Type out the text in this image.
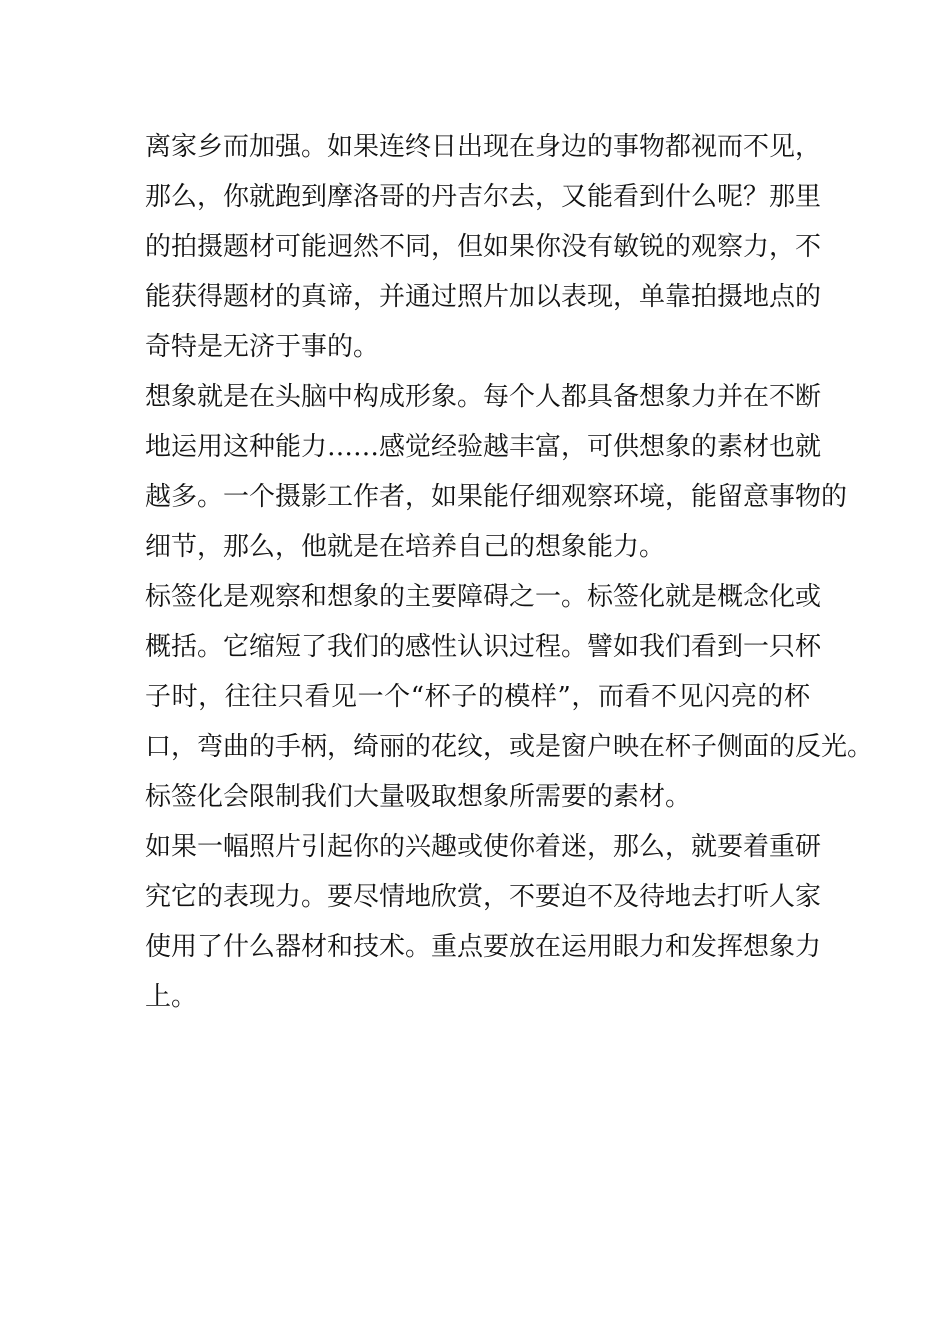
离家乡而加强。如果连终日出现在身边的事物都视而不见，
那么，你就跑到摩洛哥的丹吉尔去，又能看到什么呢？那里
的拍摄题材可能迥然不同，但如果你没有敏锐的观察力，不
能获得题材的真谛，并通过照片加以表现，单靠拍摄地点的
奇特是无济于事的。
想象就是在头脑中构成形象。每个人都具备想象力并在不断
地运用这种能力……感觉经验越丰富，可供想象的素材也就
越多。一个摄影工作者，如果能仔细观察环境，能留意事物的
细节，那么，他就是在培养自己的想象能力。
标签化是观察和想象的主要障碍之一。标签化就是概念化或
概括。它缩短了我们的感性认识过程。譬如我们看到一只杯
子时，往往只看见一个“杯子的模样”，而看不见闪亮的杯
口，弯曲的手柄，绮丽的花纹，或是窗户映在杯子侧面的反光。
标签化会限制我们大量吸取想象所需要的素材。
如果一幅照片引起你的兴趣或使你着迷，那么，就要着重研
究它的表现力。要尽情地欣赏，不要迫不及待地去打听人家
使用了什么器材和技术。重点要放在运用眼力和发挥想象力
上。
